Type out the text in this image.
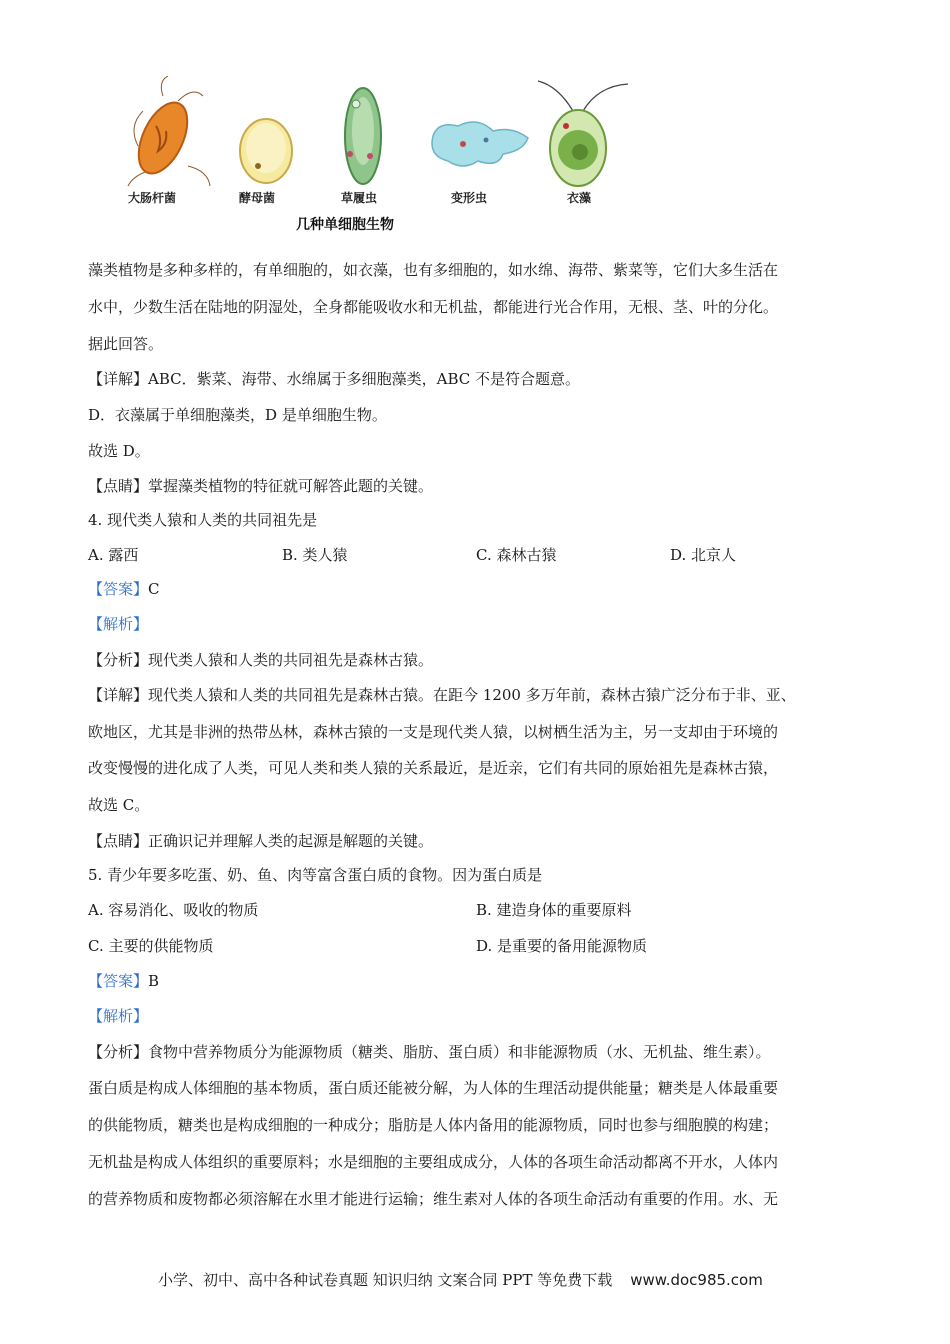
大肠杆菌	酵母菌	草履虫	变形虫	衣藻
几种单细胞生物
藻类植物是多种多样的，有单细胞的，如衣藻，也有多细胞的，如水绵、海带、紫菜等，它们大多生活在
水中，少数生活在陆地的阴湿处，全身都能吸收水和无机盐，都能进行光合作用，无根、茎、叶的分化。
据此回答。
【详解】ABC．紫菜、海带、水绵属于多细胞藻类，ABC 不是符合题意。
D．衣藻属于单细胞藻类，D 是单细胞生物。
故选 D。
【点睛】掌握藻类植物的特征就可解答此题的关键。
4. 现代类人猿和人类的共同祖先是
A. 露西	B. 类人猿	C. 森林古猿	D. 北京人
【答案】C
【解析】
【分析】现代类人猿和人类的共同祖先是森林古猿。
【详解】现代类人猿和人类的共同祖先是森林古猿。在距今 1200 多万年前，森林古猿广泛分布于非、亚、
欧地区，尤其是非洲的热带丛林，森林古猿的一支是现代类人猿，以树栖生活为主，另一支却由于环境的
改变慢慢的进化成了人类，可见人类和类人猿的关系最近，是近亲，它们有共同的原始祖先是森林古猿，
故选 C。
【点睛】正确识记并理解人类的起源是解题的关键。
5. 青少年要多吃蛋、奶、鱼、肉等富含蛋白质的食物。因为蛋白质是
A. 容易消化、吸收的物质	B. 建造身体的重要原料
C. 主要的供能物质	D. 是重要的备用能源物质
【答案】B
【解析】
【分析】食物中营养物质分为能源物质（糖类、脂肪、蛋白质）和非能源物质（水、无机盐、维生素）。
蛋白质是构成人体细胞的基本物质，蛋白质还能被分解，为人体的生理活动提供能量；糖类是人体最重要
的供能物质，糖类也是构成细胞的一种成分；脂肪是人体内备用的能源物质，同时也参与细胞膜的构建；
无机盐是构成人体组织的重要原料；水是细胞的主要组成成分，人体的各项生命活动都离不开水，人体内
的营养物质和废物都必须溶解在水里才能进行运输；维生素对人体的各项生命活动有重要的作用。水、无
小学、初中、高中各种试卷真题 知识归纳 文案合同 PPT 等免费下载 www.doc985.com
